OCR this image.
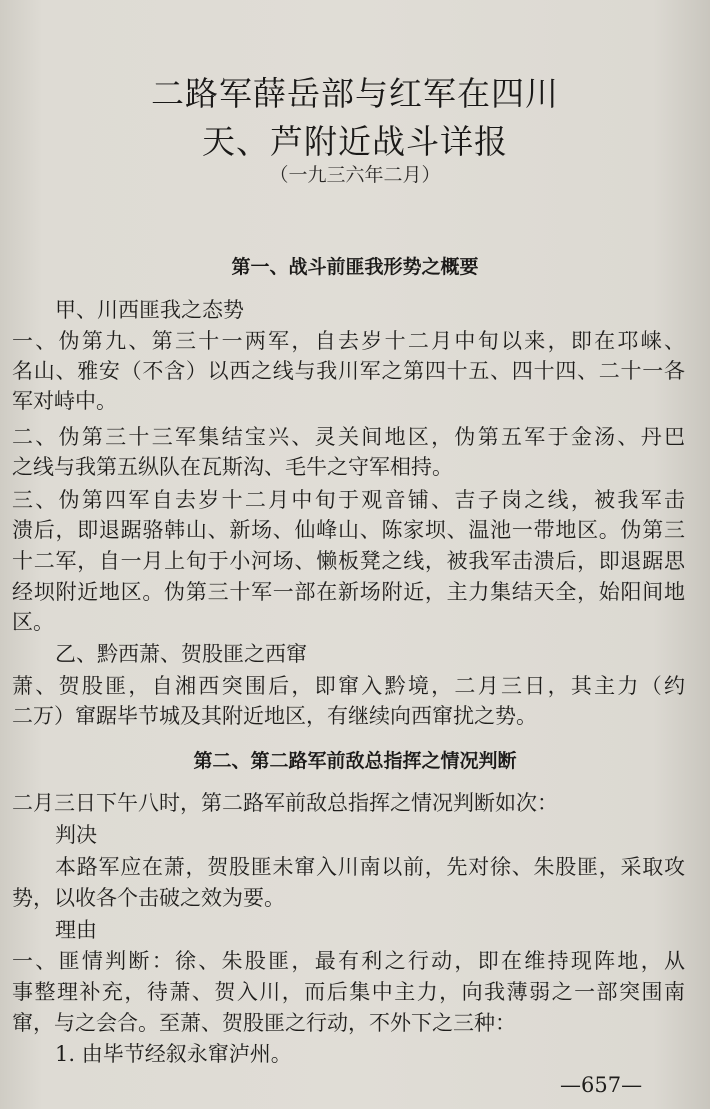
二路军薛岳部与红军在四川
天、芦附近战斗详报
（一九三六年二月）
第一、战斗前匪我形势之概要
甲、川西匪我之态势
一、伪第九、第三十一两军，自去岁十二月中旬以来，即在邛崃、
名山、雅安（不含）以西之线与我川军之第四十五、四十四、二十一各
军对峙中。
二、伪第三十三军集结宝兴、灵关间地区，伪第五军于金汤、丹巴
之线与我第五纵队在瓦斯沟、毛牛之守军相持。
三、伪第四军自去岁十二月中旬于观音铺、吉子岗之线，被我军击
溃后，即退踞骆韩山、新场、仙峰山、陈家坝、温池一带地区。伪第三
十二军，自一月上旬于小河场、懒板凳之线，被我军击溃后，即退踞思
经坝附近地区。伪第三十军一部在新场附近，主力集结天全，始阳间地
区。
乙、黔西萧、贺股匪之西窜
萧、贺股匪，自湘西突围后，即窜入黔境，二月三日，其主力（约
二万）窜踞毕节城及其附近地区，有继续向西窜扰之势。
第二、第二路军前敌总指挥之情况判断
二月三日下午八时，第二路军前敌总指挥之情况判断如次：
判决
本路军应在萧，贺股匪未窜入川南以前，先对徐、朱股匪，采取攻
势，以收各个击破之效为要。
理由
一、匪情判断：徐、朱股匪，最有利之行动，即在维持现阵地，从
事整理补充，待萧、贺入川，而后集中主力，向我薄弱之一部突围南
窜，与之会合。至萧、贺股匪之行动，不外下之三种：
1. 由毕节经叙永窜泸州。
—657—
